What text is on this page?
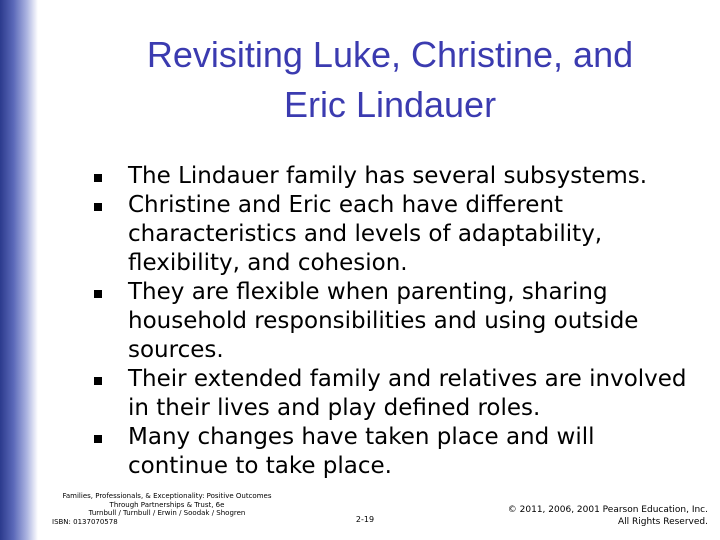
Revisiting Luke, Christine, and
Eric Lindauer
The Lindauer family has several subsystems.
Christine and Eric each have different characteristics and levels of adaptability, flexibility, and cohesion.
They are flexible when parenting, sharing household responsibilities and using outside sources.
Their extended family and relatives are involved in their lives and play defined roles.
Many changes have taken place and will continue to take place.
Families, Professionals, & Exceptionality: Positive Outcomes
Through Partnerships & Trust, 6e
Turnbull / Turnbull / Erwin / Soodak / Shogren
ISBN: 0137070578	2-19
© 2011, 2006, 2001 Pearson Education, Inc.
All Rights Reserved.
